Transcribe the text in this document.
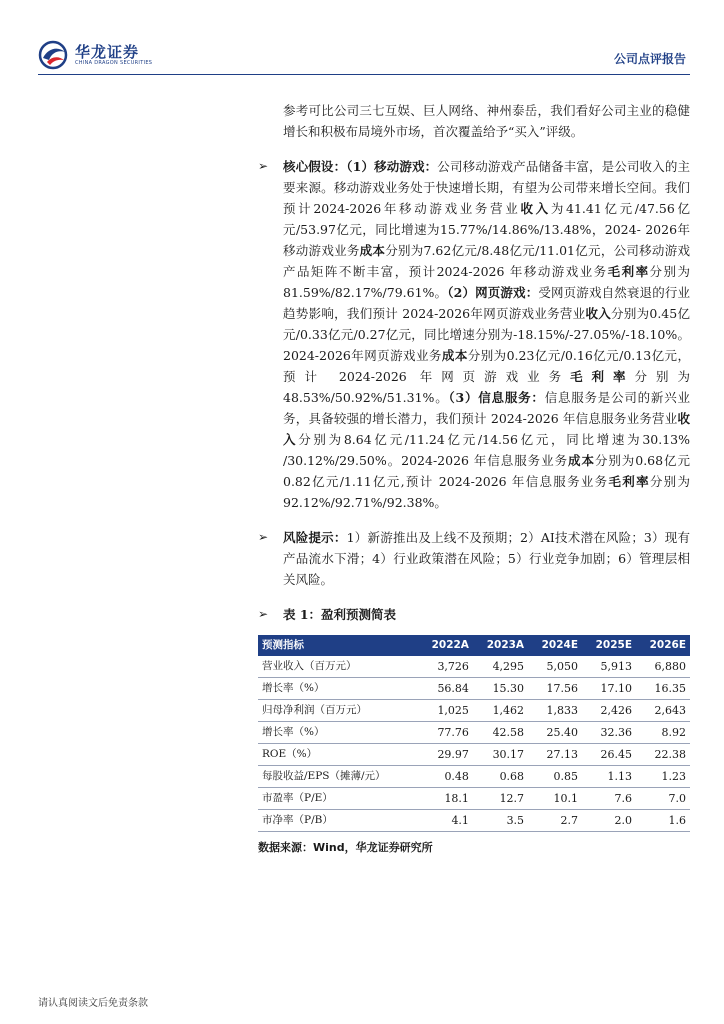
华龙证券
CHINA DRAGON SECURITIES	公司点评报告
参考可比公司三七互娱、巨人网络、神州泰岳，我们看好公司主业的稳健增长和积极布局境外市场，首次覆盖给予“买入”评级。
➢ 核心假设：（1）移动游戏：公司移动游戏产品储备丰富，是公司收入的主要来源。移动游戏业务处于快速增长期，有望为公司带来增长空间。我们预计2024-2026年移动游戏业务营业收入为41.41亿元/47.56亿元/53.97亿元，同比增速为15.77%/14.86%/13.48%，2024- 2026年移动游戏业务成本分别为7.62亿元/8.48亿元/11.01亿元，公司移动游戏产品矩阵不断丰富，预计2024-2026 年移动游戏业务毛利率分别为81.59%/82.17%/79.61%。（2）网页游戏：受网页游戏自然衰退的行业趋势影响，我们预计 2024-2026年网页游戏业务营业收入分别为0.45亿元/0.33亿元/0.27亿元，同比增速分别为-18.15%/-27.05%/-18.10%。2024-2026年网页游戏业务成本分别为0.23亿元/0.16亿元/0.13亿元，预计 2024-2026 年网页游戏业务毛利率分别为48.53%/50.92%/51.31%。（3）信息服务：信息服务是公司的新兴业务，具备较强的增长潜力，我们预计 2024-2026 年信息服务业务营业收入分别为8.64亿元/11.24亿元/14.56亿元，同比增速为30.13% /30.12%/29.50%。2024-2026 年信息服务业务成本分别为0.68亿元 0.82亿元/1.11亿元,预计 2024-2026 年信息服务业务毛利率分别为92.12%/92.71%/92.38%。
➢ 风险提示：1）新游推出及上线不及预期；2）AI技术潜在风险；3）现有产品流水下滑；4）行业政策潜在风险；5）行业竞争加剧；6）管理层相关风险。
➢ 表 1：盈利预测简表
预测指标	2022A	2023A	2024E	2025E	2026E
营业收入（百万元）	3,726	4,295	5,050	5,913	6,880
增长率（%）	56.84	15.30	17.56	17.10	16.35
归母净利润（百万元）	1,025	1,462	1,833	2,426	2,643
增长率（%）	77.76	42.58	25.40	32.36	8.92
ROE（%）	29.97	30.17	27.13	26.45	22.38
每股收益/EPS（摊薄/元）	0.48	0.68	0.85	1.13	1.23
市盈率（P/E）	18.1	12.7	10.1	7.6	7.0
市净率（P/B）	4.1	3.5	2.7	2.0	1.6
数据来源：Wind，华龙证券研究所
请认真阅读文后免责条款
